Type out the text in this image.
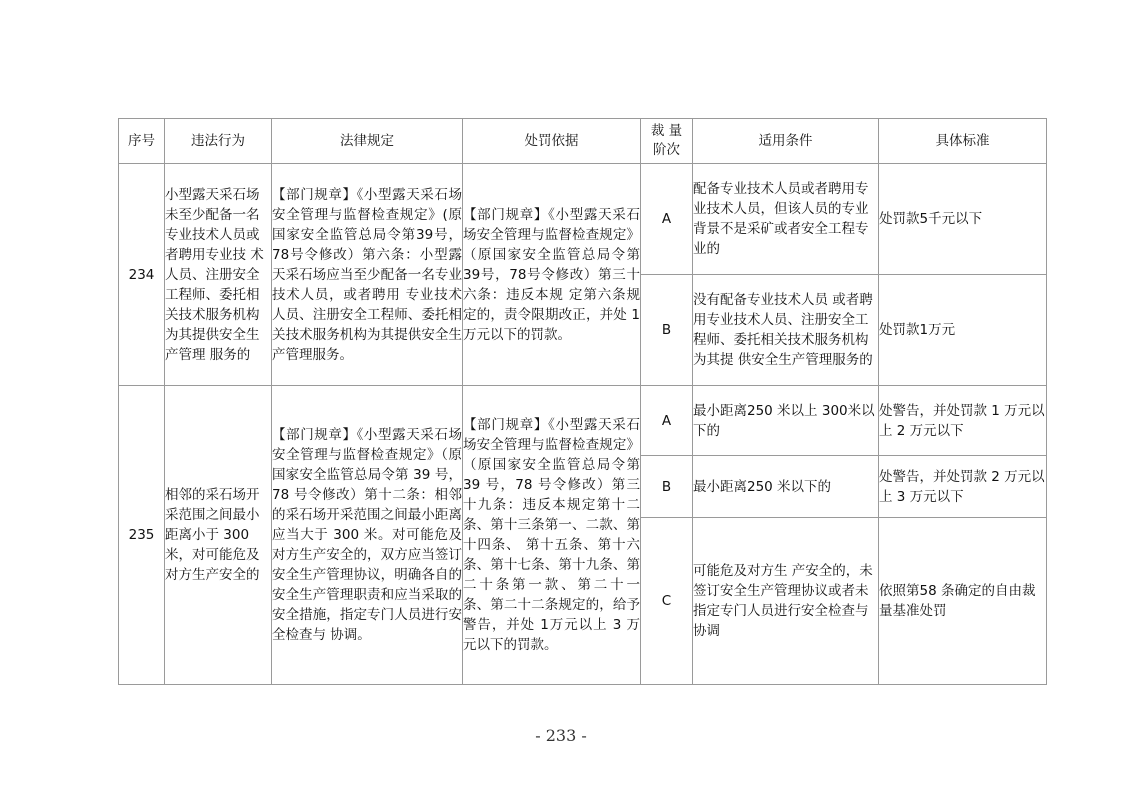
序号	违法行为	法律规定	处罚依据	裁 量 阶次	适用条件	具体标准
234	小型露天采石场未至少配备一名专业技术人员或者聘用专业技 术人员、注册安全工程师、委托相关技术服务机构为其提供安全生产管理 服务的	【部门规章】《小型露天采石场安全管理与监督检查规定》(原国家安全监管总局令第39号，78号令修改）第六条：小型露天采石场应当至少配备一名专业技术人员，或者聘用 专业技术人员、注册安全工程师、委托相关技术服务机构为其提供安全生 产管理服务。	【部门规章】《小型露天采石场安全管理与监督检查规定》（原国家安全监管总局令第 39号，78号令修改）第三十六条：违反本规 定第六条规定的，责令限期改正，并处 1万元以下的罚款。	A	配备专业技术人员或者聘用专业技术人员，但该人员的专业背景不是采矿或者安全工程专业的	处罚款5千元以下
				B	没有配备专业技术人员 或者聘用专业技术人员、注册安全工程师、委托相关技术服务机构为其提 供安全生产管理服务的	处罚款1万元
235	相邻的采石场开采范围之间最小距离小于 300 米，对可能危及对方生产安全的	【部门规章】《小型露天采石场安全管理与监督检查规定》（原国家安全监管总局令第 39 号，78 号令修改）第十二条：相邻的采石场开采范围之间最小距离应当大于 300 米。对可能危及对方生产安全的，双方应当签订安全生产管理协议，明确各自的 安全生产管理职责和应当采取的安全措施，指定专门人员进行安全检查与 协调。	【部门规章】《小型露天采石场安全管理与监督检查规定》（原国家安全监管总局令第 39 号，78 号令修改）第三十九条：违反本规定第十二条、第十三条第一、二款、第十四条、 第十五条、第十六条、第十七条、第十九条、第二十条第一款、第二十一 条、第二十二条规定的，给予警告，并处 1万元以上 3 万元以下的罚款。	A	最小距离250 米以上 300米以下的	处警告，并处罚款 1 万元以上 2 万元以下
				B	最小距离250 米以下的	处警告，并处罚款 2 万元以上 3 万元以下
				C	可能危及对方生 产安全的，未签订安全生产管理协议或者未指定专门人员进行安全检查与协调	依照第58 条确定的自由裁量基准处罚
- 233 -
